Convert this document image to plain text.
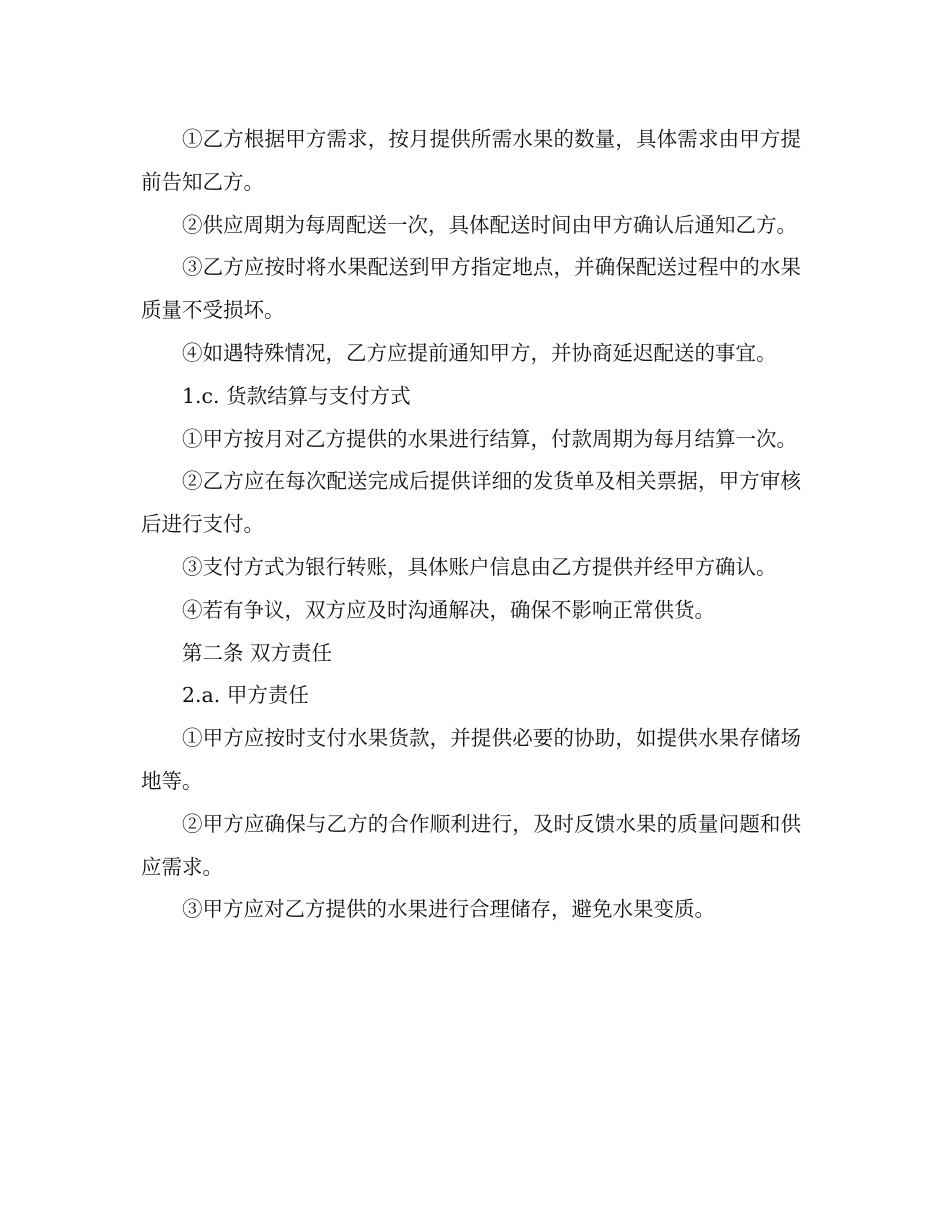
①乙方根据甲方需求，按月提供所需水果的数量，具体需求由甲方提前告知乙方。

②供应周期为每周配送一次，具体配送时间由甲方确认后通知乙方。

③乙方应按时将水果配送到甲方指定地点，并确保配送过程中的水果质量不受损坏。

④如遇特殊情况，乙方应提前通知甲方，并协商延迟配送的事宜。

1.c. 货款结算与支付方式

①甲方按月对乙方提供的水果进行结算，付款周期为每月结算一次。

②乙方应在每次配送完成后提供详细的发货单及相关票据，甲方审核后进行支付。

③支付方式为银行转账，具体账户信息由乙方提供并经甲方确认。

④若有争议，双方应及时沟通解决，确保不影响正常供货。

第二条 双方责任

2.a. 甲方责任

①甲方应按时支付水果货款，并提供必要的协助，如提供水果存储场地等。

②甲方应确保与乙方的合作顺利进行，及时反馈水果的质量问题和供应需求。

③甲方应对乙方提供的水果进行合理储存，避免水果变质。
